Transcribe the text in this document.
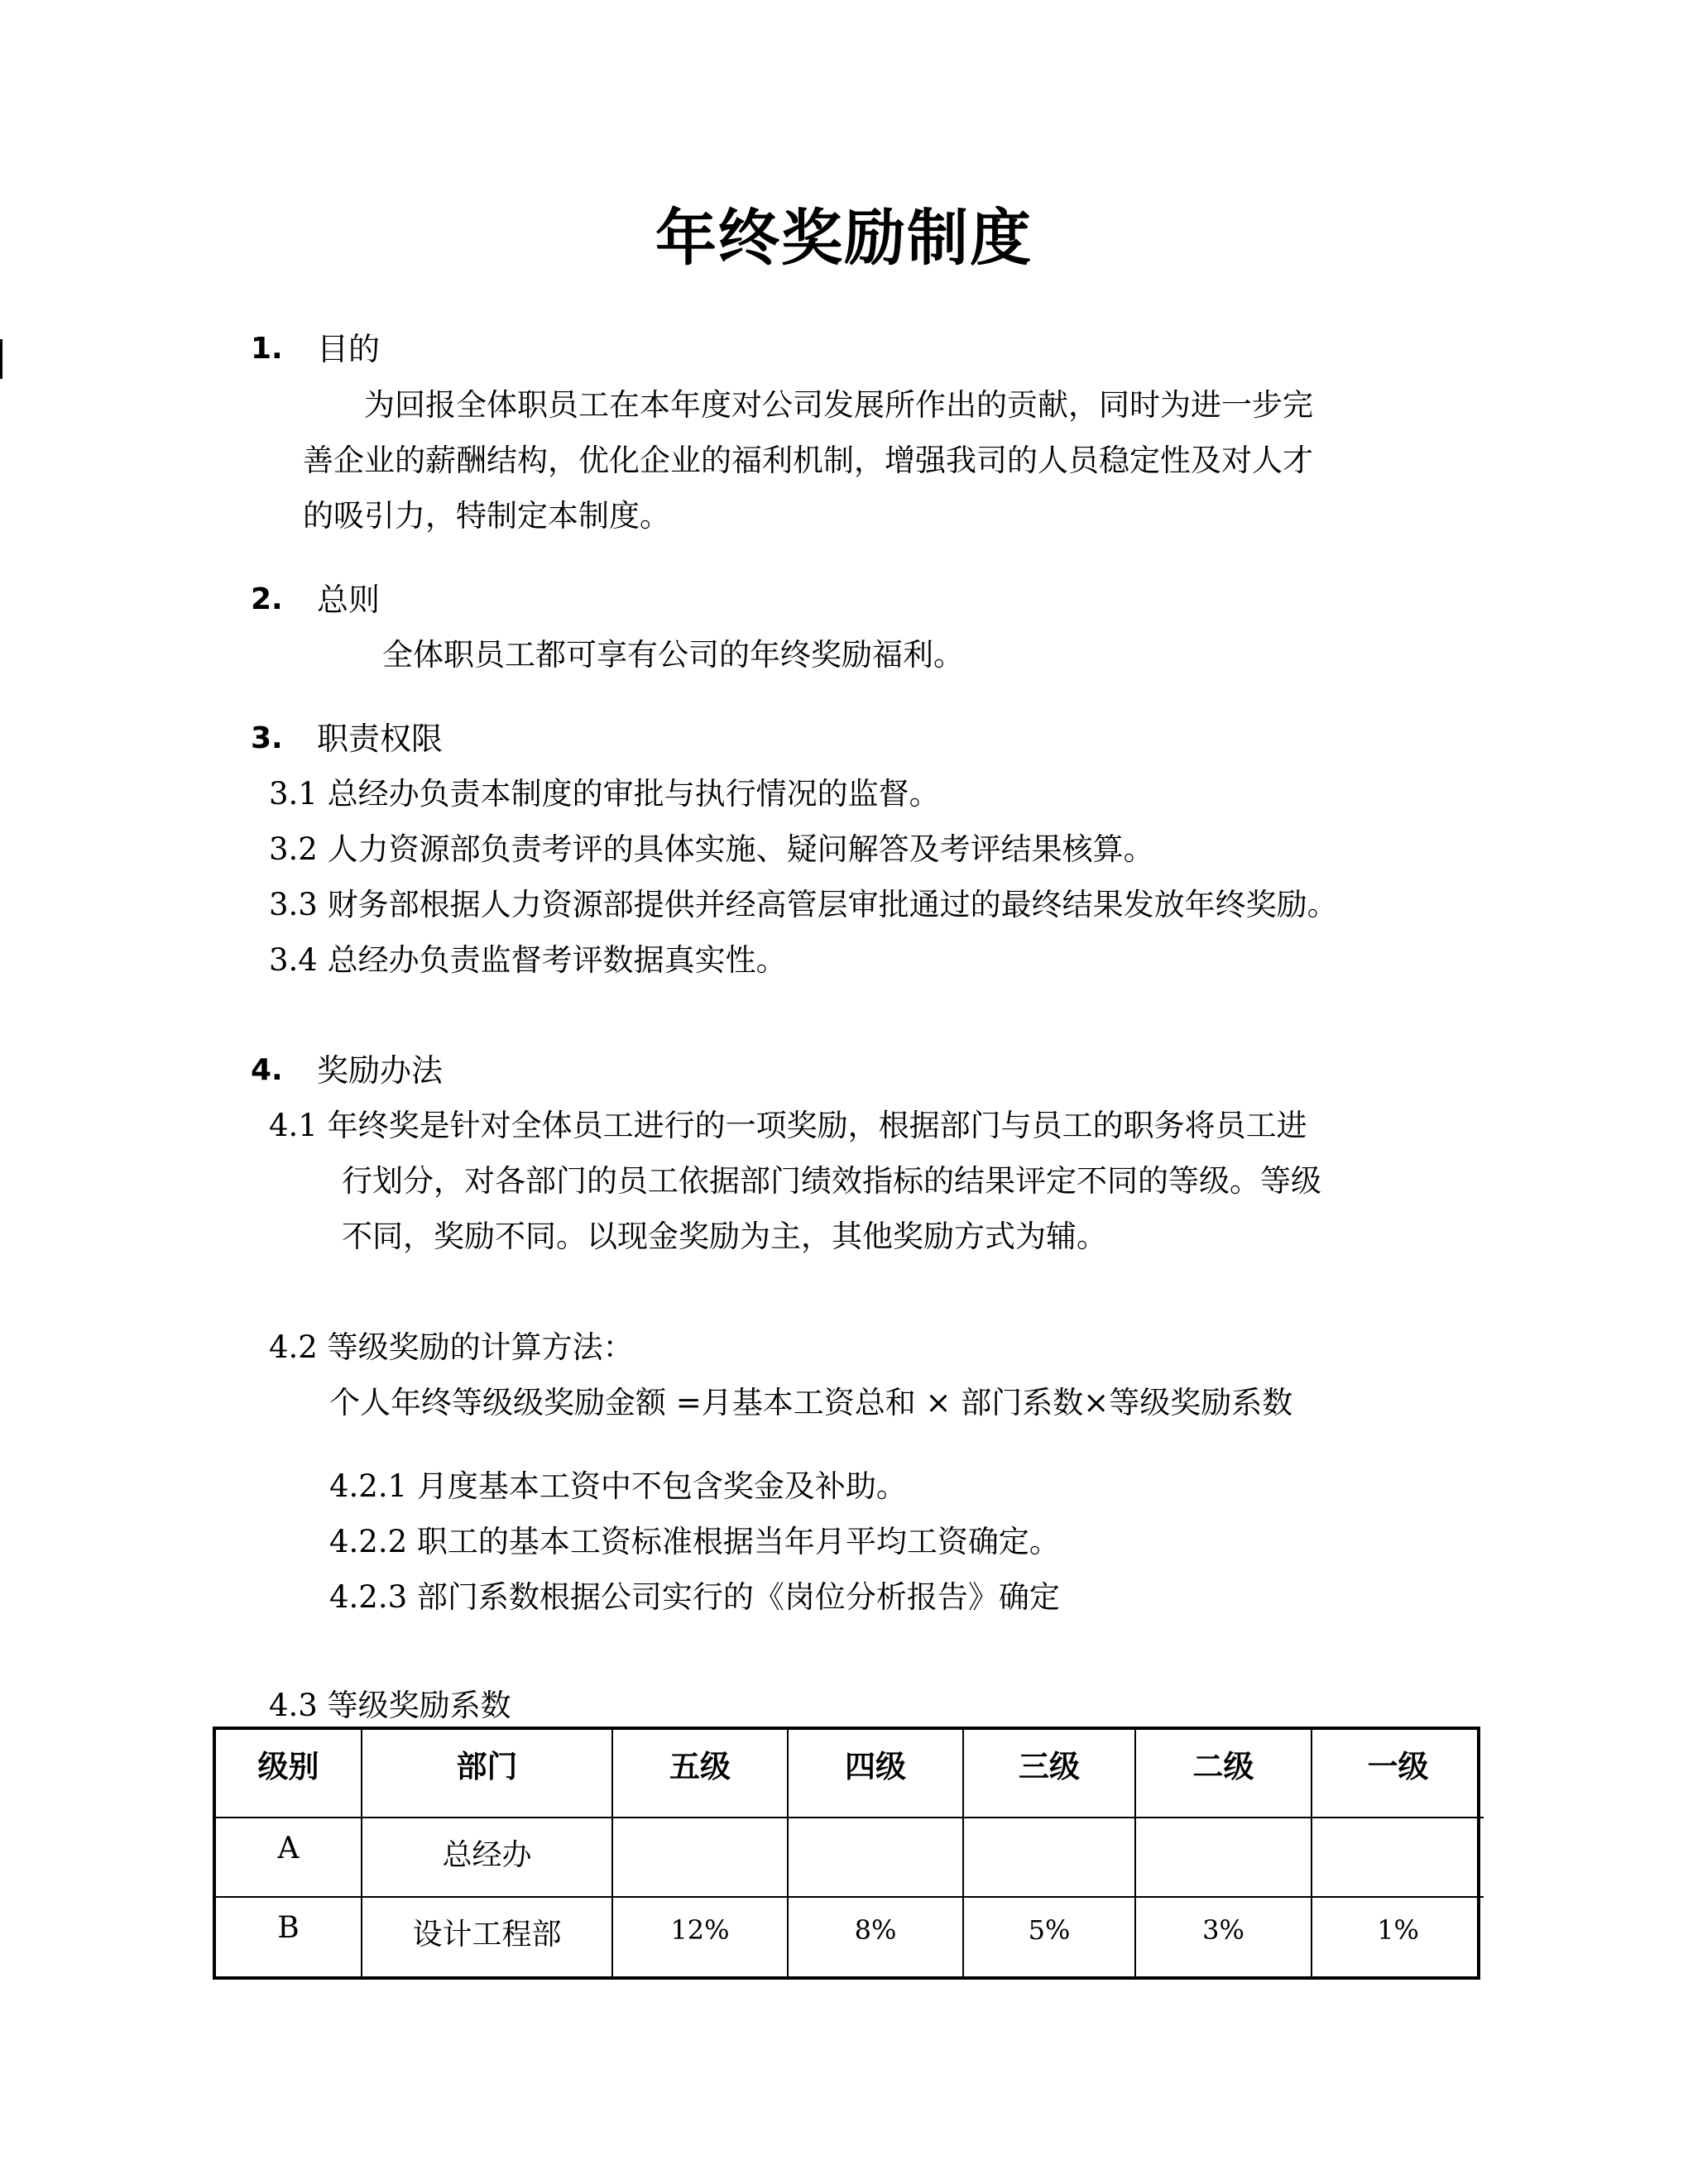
年终奖励制度
1. 目的
为回报全体职员工在本年度对公司发展所作出的贡献，同时为进一步完
善企业的薪酬结构，优化企业的福利机制，增强我司的人员稳定性及对人才
的吸引力，特制定本制度。
2. 总则
全体职员工都可享有公司的年终奖励福利。
3. 职责权限
3.1 总经办负责本制度的审批与执行情况的监督。
3.2 人力资源部负责考评的具体实施、疑问解答及考评结果核算。
3.3 财务部根据人力资源部提供并经高管层审批通过的最终结果发放年终奖励。
3.4 总经办负责监督考评数据真实性。
4. 奖励办法
4.1 年终奖是针对全体员工进行的一项奖励，根据部门与员工的职务将员工进
行划分，对各部门的员工依据部门绩效指标的结果评定不同的等级。等级
不同，奖励不同。以现金奖励为主，其他奖励方式为辅。
4.2 等级奖励的计算方法：
个人年终等级级奖励金额 =月基本工资总和 × 部门系数×等级奖励系数
4.2.1 月度基本工资中不包含奖金及补助。
4.2.2 职工的基本工资标准根据当年月平均工资确定。
4.2.3 部门系数根据公司实行的《岗位分析报告》确定
4.3 等级奖励系数
级别	部门	五级	四级	三级	二级	一级
A	总经办					
B	设计工程部	12%	8%	5%	3%	1%
